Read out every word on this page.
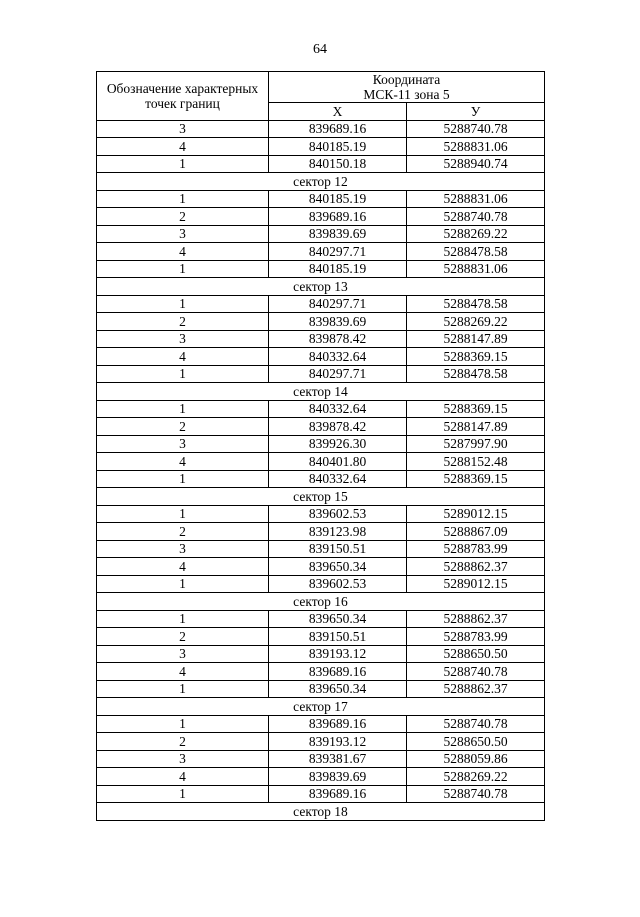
64
Обозначение характерных точек границ	Координата
МСК-11 зона 5	

	X	У
3	839689.16	5288740.78
4	840185.19	5288831.06
1	840150.18	5288940.74
сектор 12		
1	840185.19	5288831.06
2	839689.16	5288740.78
3	839839.69	5288269.22
4	840297.71	5288478.58
1	840185.19	5288831.06
сектор 13		
1	840297.71	5288478.58
2	839839.69	5288269.22
3	839878.42	5288147.89
4	840332.64	5288369.15
1	840297.71	5288478.58
сектор 14		
1	840332.64	5288369.15
2	839878.42	5288147.89
3	839926.30	5287997.90
4	840401.80	5288152.48
1	840332.64	5288369.15
сектор 15		
1	839602.53	5289012.15
2	839123.98	5288867.09
3	839150.51	5288783.99
4	839650.34	5288862.37
1	839602.53	5289012.15
сектор 16		
1	839650.34	5288862.37
2	839150.51	5288783.99
3	839193.12	5288650.50
4	839689.16	5288740.78
1	839650.34	5288862.37
сектор 17		
1	839689.16	5288740.78
2	839193.12	5288650.50
3	839381.67	5288059.86
4	839839.69	5288269.22
1	839689.16	5288740.78
сектор 18		
